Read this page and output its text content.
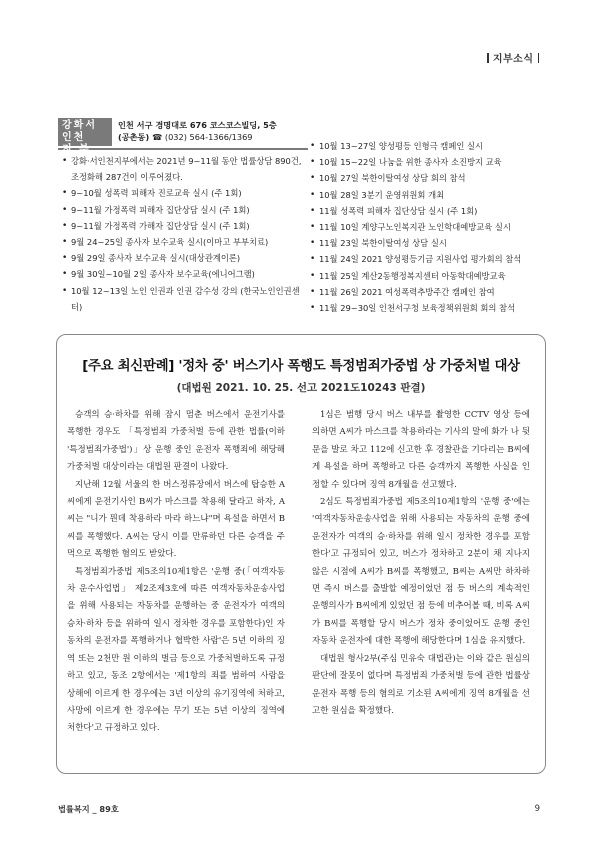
지부소식
강화서인천
지 부
인천 서구 경명대로 676 코스코스빌딩, 5층
(공촌동) ☎ (032) 564-1366/1369
• 강화·서인천지부에서는 2021년 9~11월 동안 법률상담 890건, 조정화해 287건이 이루어졌다.
• 9~10월 성폭력 피해자 진로교육 실시 (주 1회)
• 9~11월 가정폭력 피해자 집단상담 실시 (주 1회)
• 9~11월 가정폭력 가해자 집단상담 실시 (주 1회)
• 9월 24~25일 종사자 보수교육 실시(이마고 부부치료)
• 9월 29일 종사자 보수교육 실시(대상관계이론)
• 9월 30일~10월 2일 종사자 보수교육(에니어그램)
• 10월 12~13일 노인 인권과 인권 감수성 강의 (한국노인인권센터)
• 10월 13~27일 양성평등 인형극 캠페인 실시
• 10월 15~22일 나눔을 위한 종사자 소진방지 교육
• 10월 27일 북한이탈여성 상담 회의 참석
• 10월 28일 3분기 운영위원회 개최
• 11월 성폭력 피해자 집단상담 실시 (주 1회)
• 11월 10일 계양구노인복지관 노인학대예방교육 실시
• 11월 23일 북한이탈여성 상담 실시
• 11월 24일 2021 양성평등기금 지원사업 평가회의 참석
• 11월 25일 계산2동행정복지센터 아동학대예방교육
• 11월 26일 2021 여성폭력추방주간 캠페인 참여
• 11월 29~30일 인천서구청 보육정책위원회 회의 참석
[주요 최신판례] '정차 중' 버스기사 폭행도 특정범죄가중법 상 가중처벌 대상
(대법원 2021. 10. 25. 선고 2021도10243 판결)

승객의 승·하차를 위해 잠시 멈춘 버스에서 운전기사를 폭행한 경우도 「특정범죄 가중처벌 등에 관한 법률(이하 '특정범죄가중법')」상 운행 중인 운전자 폭행죄에 해당해 가중처벌 대상이라는 대법원 판결이 나왔다.

지난해 12월 서울의 한 버스정류장에서 버스에 탑승한 A씨에게 운전기사인 B씨가 마스크를 착용해 달라고 하자, A씨는 "니가 뭔데 착용하라 마라 하느냐"며 욕설을 하면서 B씨를 폭행했다. A씨는 당시 이를 만류하던 다른 승객을 주먹으로 폭행한 혐의도 받았다.

특정범죄가중법 제5조의10제1항은 '운행 중(「여객자동차 운수사업법」 제2조제3호에 따른 여객자동차운송사업을 위해 사용되는 자동차를 운행하는 중 운전자가 여객의 승차·하차 등을 위하여 일시 정차한 경우를 포함한다)인 자동차의 운전자를 폭행하거나 협박한 사람'은 5년 이하의 징역 또는 2천만 원 이하의 벌금 등으로 가중처벌하도록 규정하고 있고, 동조 2항에서는 '제1항의 죄를 범하여 사람을 상해에 이르게 한 경우에는 3년 이상의 유기징역에 처하고, 사망에 이르게 한 경우에는 무기 또는 5년 이상의 징역에 처한다'고 규정하고 있다.

1심은 범행 당시 버스 내부를 촬영한 CCTV 영상 등에 의하면 A씨가 마스크를 착용하라는 기사의 말에 화가 나 뒷문을 발로 차고 112에 신고한 후 경찰관을 기다리는 B씨에게 욕설을 하며 폭행하고 다른 승객까지 폭행한 사실을 인정할 수 있다며 징역 8개월을 선고했다.

2심도 특정범죄가중법 제5조의10제1항의 '운행 중'에는 '여객자동차운송사업을 위해 사용되는 자동차의 운행 중에 운전자가 여객의 승·하차를 위해 일시 정차한 경우를 포함한다'고 규정되어 있고, 버스가 정차하고 2분이 채 지나지 않은 시점에 A씨가 B씨를 폭행했고, B씨는 A씨만 하차하면 즉시 버스를 출발할 예정이었던 점 등 버스의 계속적인 운행의사가 B씨에게 있었던 점 등에 비추어볼 때, 비록 A씨가 B씨를 폭행할 당시 버스가 정차 중이었어도 운행 중인 자동차 운전자에 대한 폭행에 해당한다며 1심을 유지했다.

대법원 형사2부(주심 민유숙 대법관)는 이와 같은 원심의 판단에 잘못이 없다며 특정범죄 가중처벌 등에 관한 법률상 운전자 폭행 등의 혐의로 기소된 A씨에게 징역 8개월을 선고한 원심을 확정했다.

법률복지 _ 89호	9
